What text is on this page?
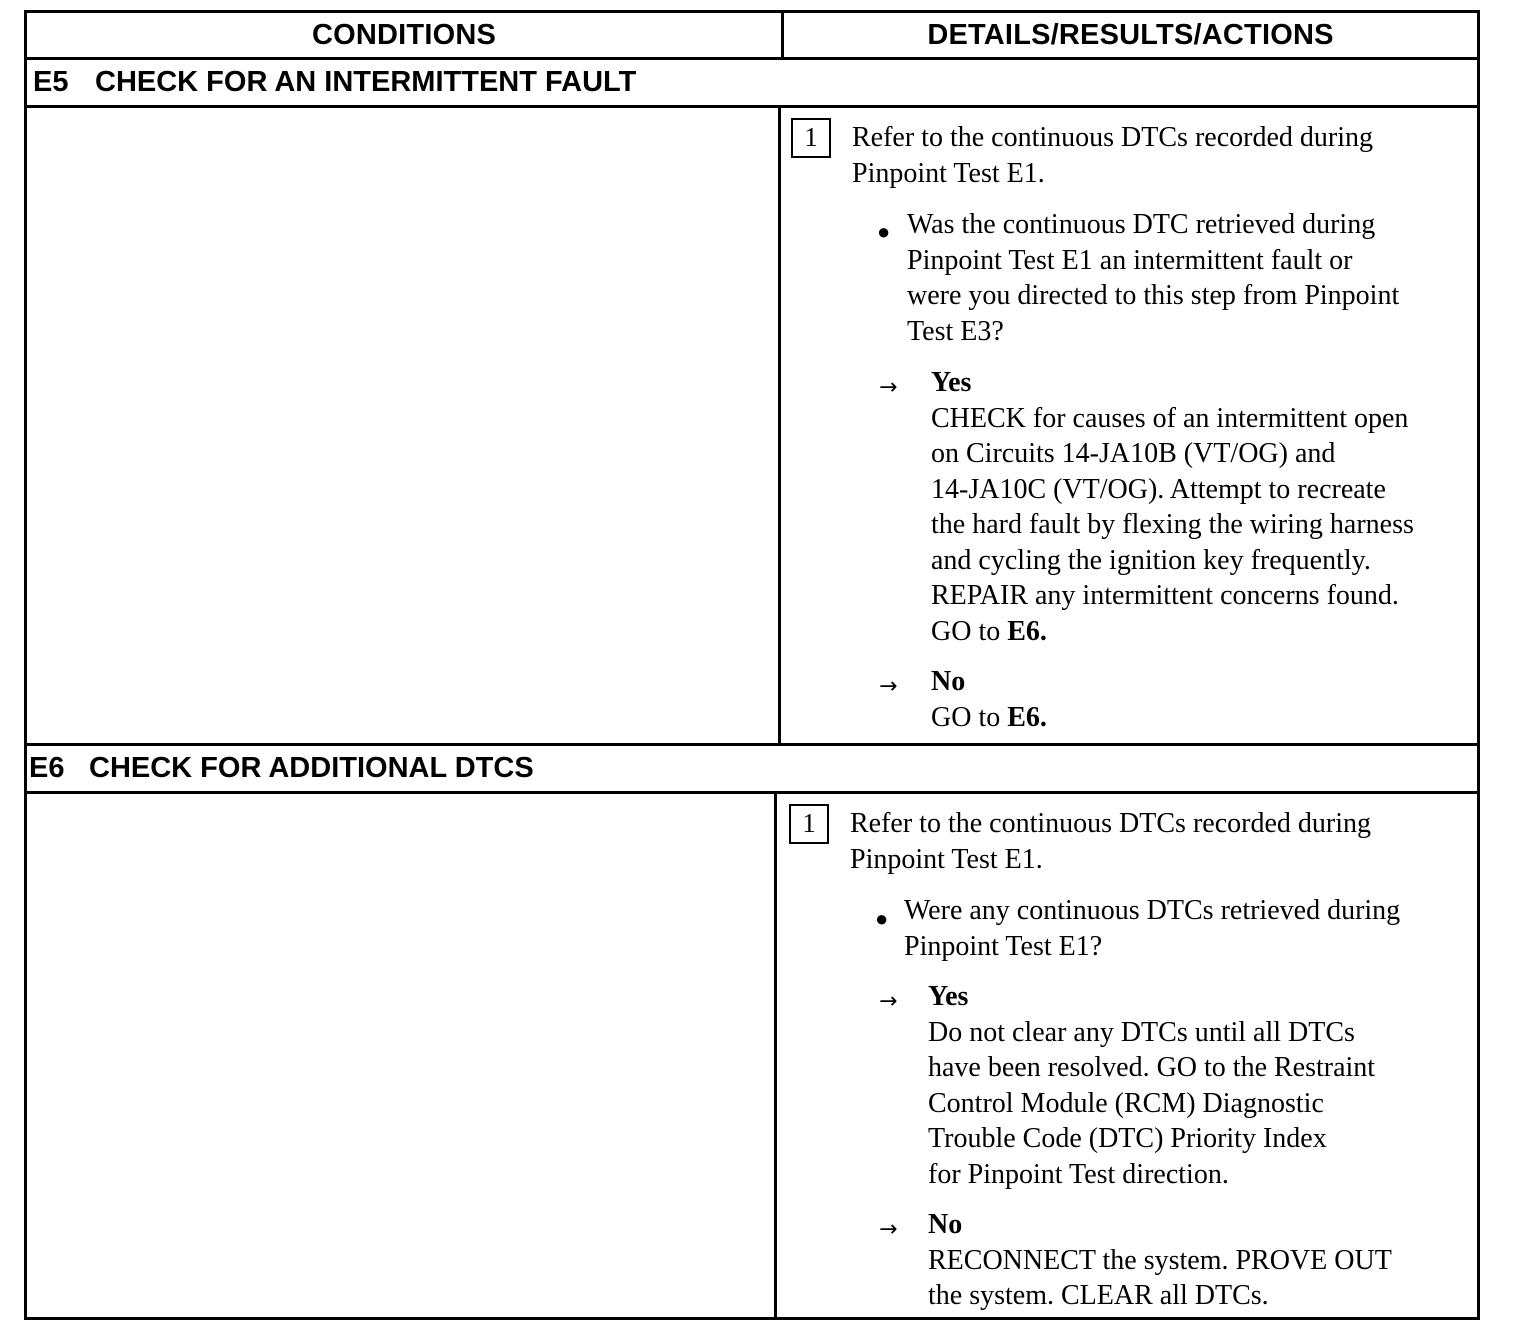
CONDITIONS	DETAILS/RESULTS/ACTIONS
E5 CHECK FOR AN INTERMITTENT FAULT
1	Refer to the continuous DTCs recorded during
Pinpoint Test E1.
● Was the continuous DTC retrieved during
Pinpoint Test E1 an intermittent fault or
were you directed to this step from Pinpoint
Test E3?
→ Yes
CHECK for causes of an intermittent open
on Circuits 14-JA10B (VT/OG) and
14-JA10C (VT/OG). Attempt to recreate
the hard fault by flexing the wiring harness
and cycling the ignition key frequently.
REPAIR any intermittent concerns found.
GO to E6.
→ No
GO to E6.
E6 CHECK FOR ADDITIONAL DTCS
1	Refer to the continuous DTCs recorded during
Pinpoint Test E1.
● Were any continuous DTCs retrieved during
Pinpoint Test E1?
→ Yes
Do not clear any DTCs until all DTCs
have been resolved. GO to the Restraint
Control Module (RCM) Diagnostic
Trouble Code (DTC) Priority Index
for Pinpoint Test direction.
→ No
RECONNECT the system. PROVE OUT
the system. CLEAR all DTCs.
